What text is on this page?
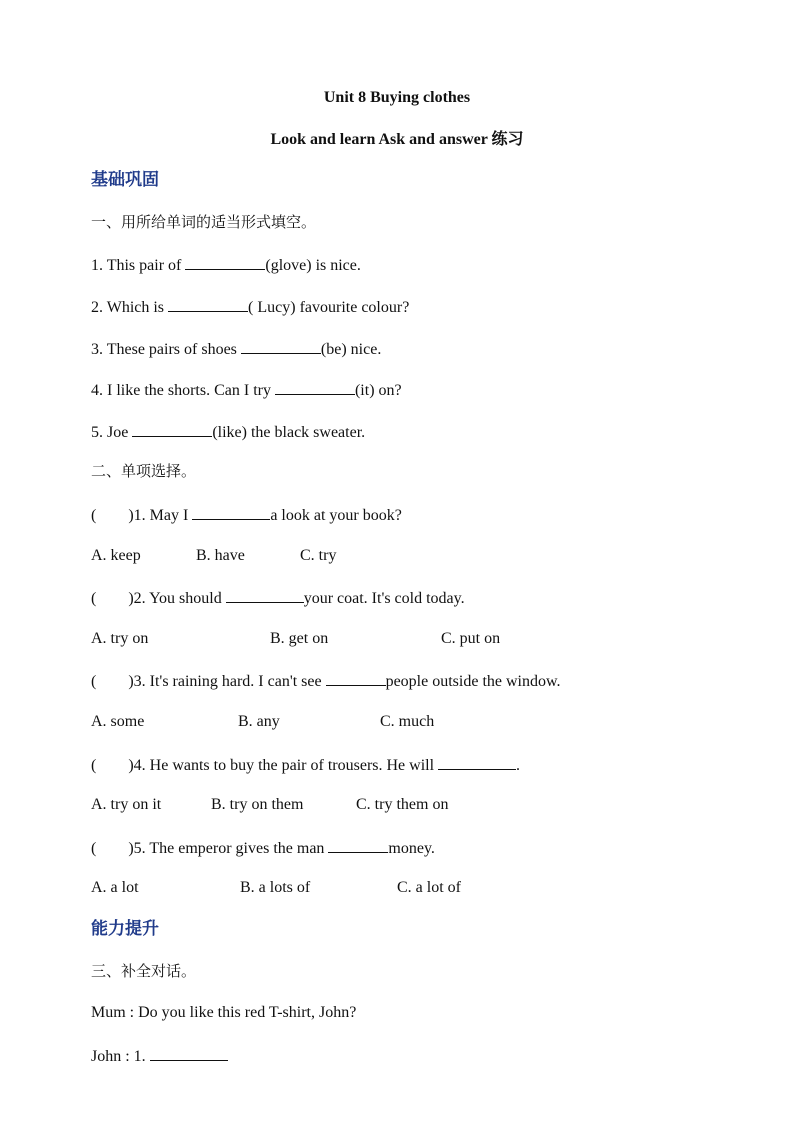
Unit 8 Buying clothes
Look and learn Ask and answer 练习
基础巩固
一、用所给单词的适当形式填空。
1. This pair of	(glove) is nice.
2. Which is	( Lucy) favourite colour?
3. These pairs of shoes	(be) nice.
4. I like the shorts. Can I try	(it) on?
5. Joe	(like) the black sweater.
二、单项选择。
(        )1. May I	a look at your book?
A. keep	B. have	C. try
(        )2. You should	your coat. It's cold today.
A. try on	B. get on	C. put on
(        )3. It's raining hard. I can't see	people outside the window.
A. some	B. any	C. much
(        )4. He wants to buy the pair of trousers. He will	.
A. try on it	B. try on them	C. try them on
(        )5. The emperor gives the man	money.
A. a lot	B. a lots of	C. a lot of
能力提升
三、补全对话。
Mum : Do you like this red T-shirt, John?
John : 1.
